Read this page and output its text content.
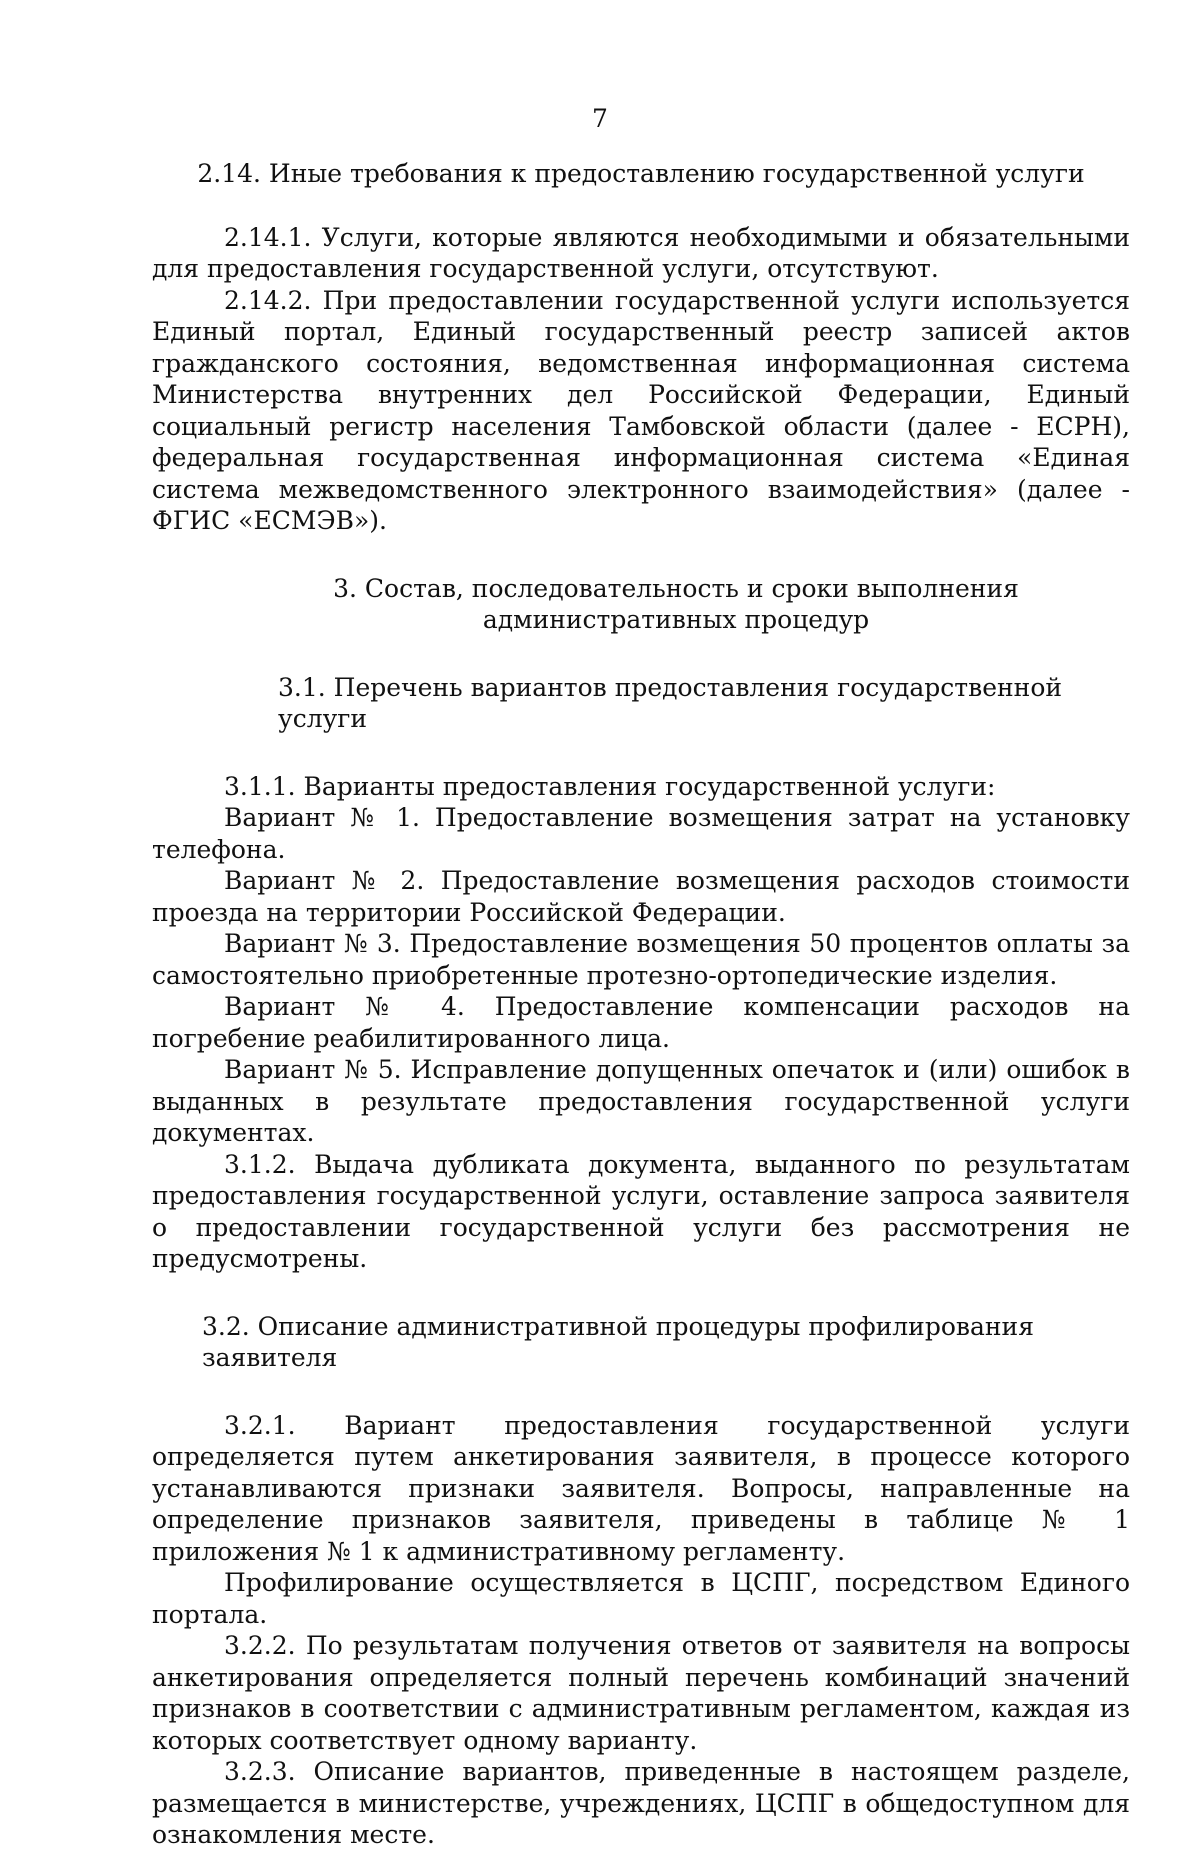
7

2.14. Иные требования к предоставлению государственной услуги

2.14.1. Услуги, которые являются необходимыми и обязательными для предоставления государственной услуги, отсутствуют.

2.14.2. При предоставлении государственной услуги используется Единый портал, Единый государственный реестр записей актов гражданского состояния, ведомственная информационная система Министерства внутренних дел Российской Федерации, Единый социальный регистр населения Тамбовской области (далее - ЕСРН), федеральная государственная информационная система «Единая система межведомственного электронного взаимодействия» (далее - ФГИС «ЕСМЭВ»).

3. Состав, последовательность и сроки выполнения

административных процедур

3.1. Перечень вариантов предоставления государственной услуги

3.1.1. Варианты предоставления государственной услуги:

Вариант № 1. Предоставление возмещения затрат на установку телефона.

Вариант № 2. Предоставление возмещения расходов стоимости проезда на территории Российской Федерации.

Вариант № 3. Предоставление возмещения 50 процентов оплаты за самостоятельно приобретенные протезно-ортопедические изделия.

Вариант № 4. Предоставление компенсации расходов на погребение реабилитированного лица.

Вариант № 5. Исправление допущенных опечаток и (или) ошибок в выданных в результате предоставления государственной услуги документах.

3.1.2. Выдача дубликата документа, выданного по результатам предоставления государственной услуги, оставление запроса заявителя о предоставлении государственной услуги без рассмотрения не предусмотрены.

3.2. Описание административной процедуры профилирования заявителя

3.2.1. Вариант предоставления государственной услуги определяется путем анкетирования заявителя, в процессе которого устанавливаются признаки заявителя. Вопросы, направленные на определение признаков заявителя, приведены в таблице № 1 приложения № 1 к административному регламенту.

Профилирование осуществляется в ЦСПГ, посредством Единого портала.

3.2.2. По результатам получения ответов от заявителя на вопросы анкетирования определяется полный перечень комбинаций значений признаков в соответствии с административным регламентом, каждая из которых соответствует одному варианту.

3.2.3. Описание вариантов, приведенные в настоящем разделе, размещается в министерстве, учреждениях, ЦСПГ в общедоступном для ознакомления месте.
